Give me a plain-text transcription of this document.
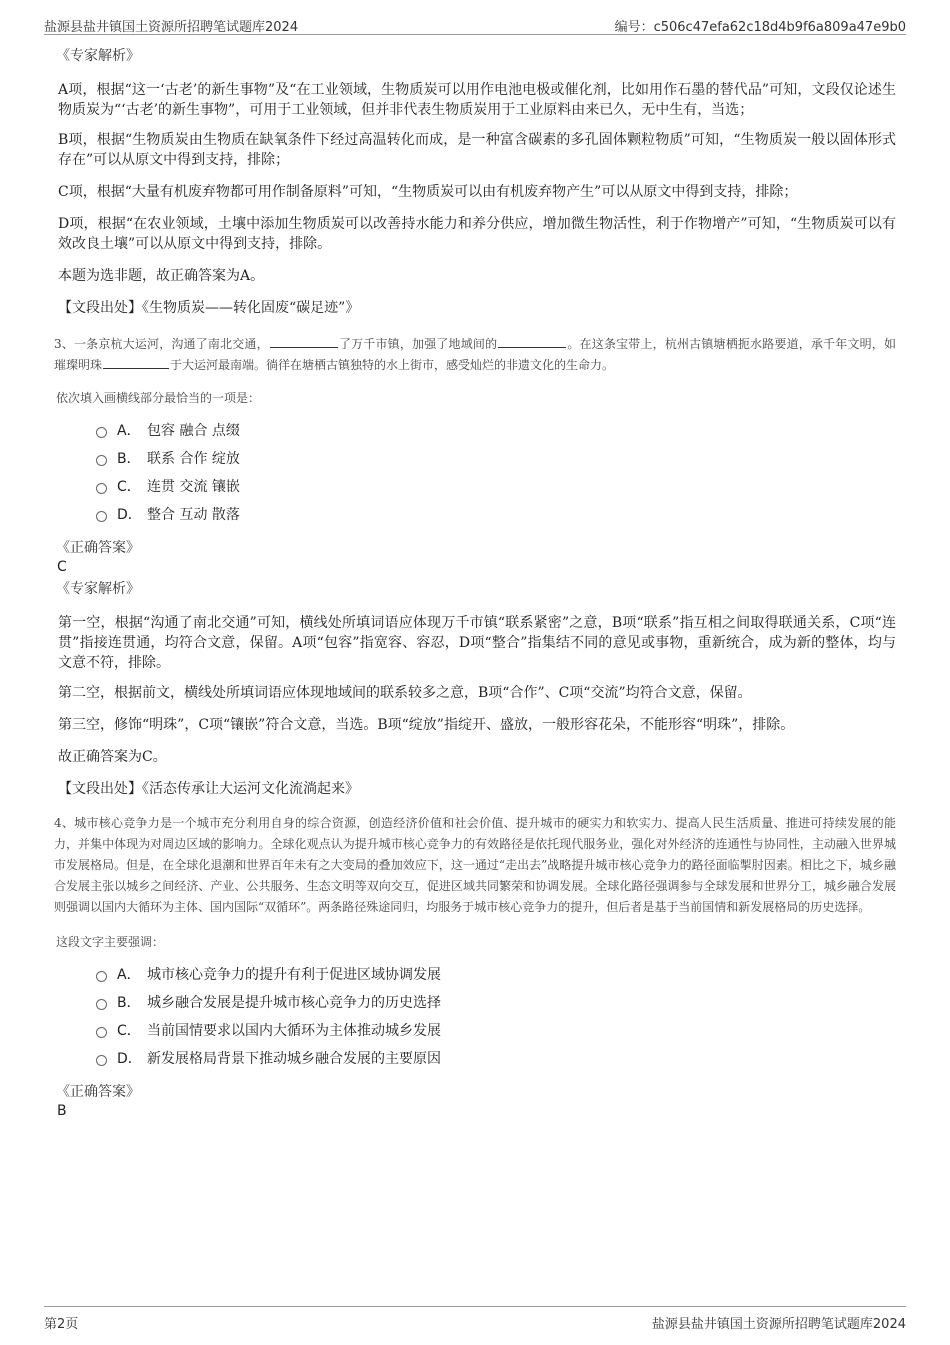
盐源县盐井镇国土资源所招聘笔试题库2024	编号：c506c47efa62c18d4b9f6a809a47e9b0

《专家解析》

A项，根据“这一‘古老’的新生事物”及“在工业领域，生物质炭可以用作电池电极或催化剂，比如用作石墨的替代品”可知，文段仅论述生物质炭为“‘古老’的新生事物”，可用于工业领域，但并非代表生物质炭用于工业原料由来已久，无中生有，当选；

B项，根据“生物质炭由生物质在缺氧条件下经过高温转化而成，是一种富含碳素的多孔固体颗粒物质”可知，“生物质炭一般以固体形式存在”可以从原文中得到支持，排除；

C项，根据“大量有机废弃物都可用作制备原料”可知，“生物质炭可以由有机废弃物产生”可以从原文中得到支持，排除；

D项，根据“在农业领域，土壤中添加生物质炭可以改善持水能力和养分供应，增加微生物活性，利于作物增产”可知，“生物质炭可以有效改良土壤”可以从原文中得到支持，排除。

本题为选非题，故正确答案为A。

【文段出处】《生物质炭——转化固废“碳足迹”》

3、一条京杭大运河，沟通了南北交通，	了万千市镇，加强了地域间的	。在这条宝带上，杭州古镇塘栖扼水路要道，承千年文明，如璀璨明珠	于大运河最南端。徜徉在塘栖古镇独特的水上街市，感受灿烂的非遗文化的生命力。

依次填入画横线部分最恰当的一项是：

A． 包容 融合 点缀
B． 联系 合作 绽放
C． 连贯 交流 镶嵌
D． 整合 互动 散落

《正确答案》

C

《专家解析》

第一空，根据“沟通了南北交通”可知，横线处所填词语应体现万千市镇“联系紧密”之意，B项“联系”指互相之间取得联通关系，C项“连贯”指接连贯通，均符合文意，保留。A项“包容”指宽容、容忍，D项“整合”指集结不同的意见或事物，重新统合，成为新的整体，均与文意不符，排除。

第二空，根据前文，横线处所填词语应体现地域间的联系较多之意，B项“合作”、C项“交流”均符合文意，保留。

第三空，修饰“明珠”，C项“镶嵌”符合文意，当选。B项“绽放”指绽开、盛放，一般形容花朵，不能形容“明珠”，排除。

故正确答案为C。

【文段出处】《活态传承让大运河文化流淌起来》

4、城市核心竞争力是一个城市充分利用自身的综合资源，创造经济价值和社会价值、提升城市的硬实力和软实力、提高人民生活质量、推进可持续发展的能力，并集中体现为对周边区域的影响力。全球化观点认为提升城市核心竞争力的有效路径是依托现代服务业，强化对外经济的连通性与协同性，主动融入世界城市发展格局。但是，在全球化退潮和世界百年未有之大变局的叠加效应下，这一通过“走出去”战略提升城市核心竞争力的路径面临掣肘因素。相比之下，城乡融合发展主张以城乡之间经济、产业、公共服务、生态文明等双向交互，促进区域共同繁荣和协调发展。全球化路径强调参与全球发展和世界分工，城乡融合发展则强调以国内大循环为主体、国内国际“双循环”。两条路径殊途同归，均服务于城市核心竞争力的提升，但后者是基于当前国情和新发展格局的历史选择。

这段文字主要强调：

A． 城市核心竞争力的提升有利于促进区域协调发展
B． 城乡融合发展是提升城市核心竞争力的历史选择
C． 当前国情要求以国内大循环为主体推动城乡发展
D． 新发展格局背景下推动城乡融合发展的主要原因

《正确答案》

B

第2页	盐源县盐井镇国土资源所招聘笔试题库2024
